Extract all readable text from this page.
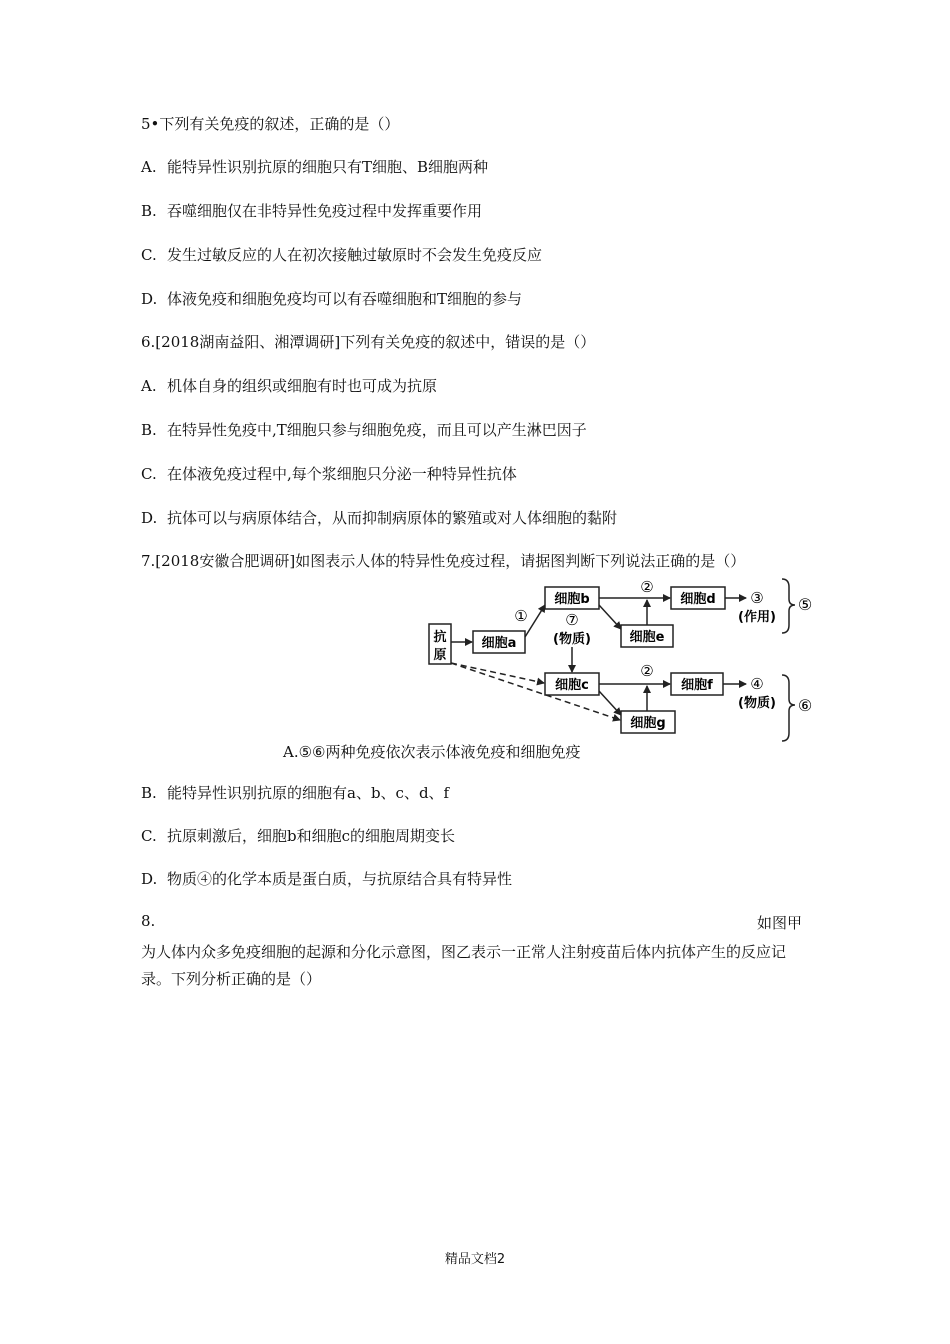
5•下列有关免疫的叙述，正确的是（）
A. 能特异性识别抗原的细胞只有T细胞、B细胞两种
B. 吞噬细胞仅在非特异性免疫过程中发挥重要作用
C. 发生过敏反应的人在初次接触过敏原时不会发生免疫反应
D. 体液免疫和细胞免疫均可以有吞噬细胞和T细胞的参与
6.[2018湖南益阳、湘潭调研]下列有关免疫的叙述中，错误的是（）
A. 机体自身的组织或细胞有时也可成为抗原
B. 在特异性免疫中,T细胞只参与细胞免疫，而且可以产生淋巴因子
C. 在体液免疫过程中,每个浆细胞只分泌一种特异性抗体
D. 抗体可以与病原体结合，从而抑制病原体的繁殖或对人体细胞的黏附
7.[2018安徽合肥调研]如图表示人体的特异性免疫过程，请据图判断下列说法正确的是（）
抗
原
细胞a
细胞b	细胞d
细胞e
细胞c	细胞f
细胞g
①	⑦
(物质)
②
②
③
(作用)
④
(物质)
⑤
⑥
A.⑤⑥两种免疫依次表示体液免疫和细胞免疫
B. 能特异性识别抗原的细胞有a、b、c、d、f
C. 抗原刺激后，细胞b和细胞c的细胞周期变长
D. 物质④的化学本质是蛋白质，与抗原结合具有特异性
8.	如图甲
为人体内众多免疫细胞的起源和分化示意图，图乙表示一正常人注射疫苗后体内抗体产生的反应记录。下列分析正确的是（）
精品文档2
